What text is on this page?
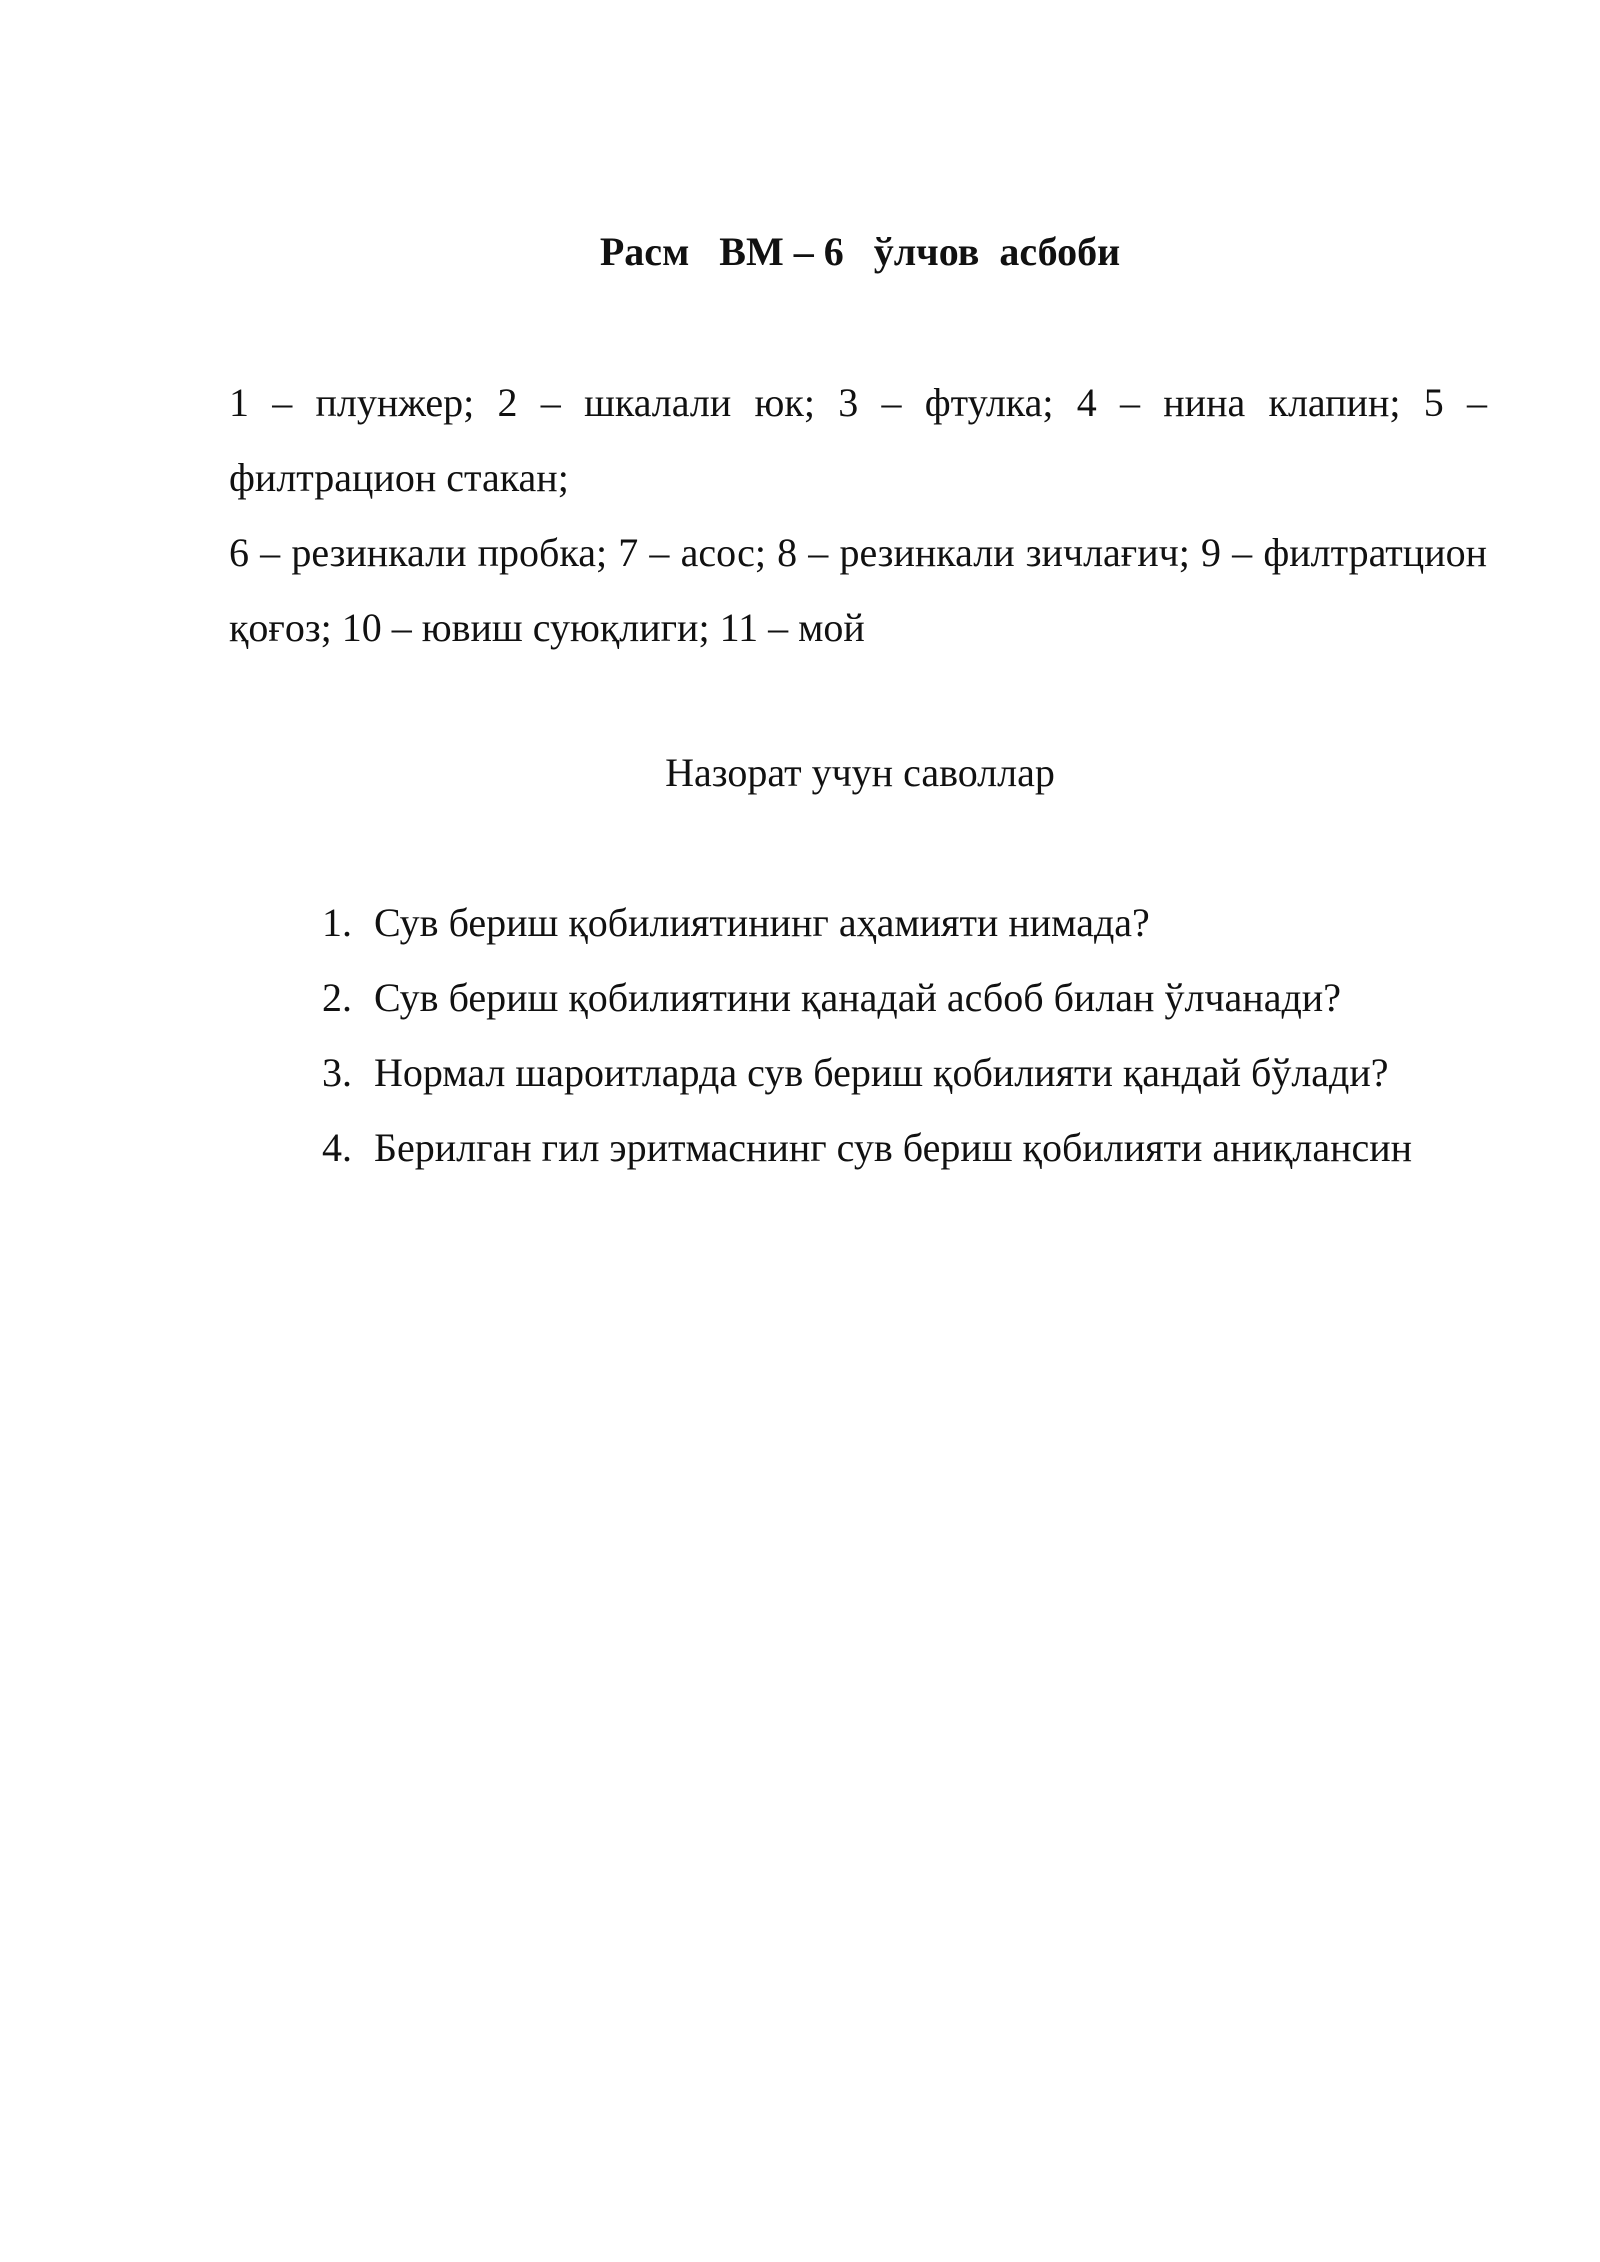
Расм   ВМ – 6   ўлчов  асбоби

1 – плунжер; 2 – шкалали юк; 3 – фтулка; 4 – нина клапин; 5 – филтрацион стакан;

6 – резинкали пробка; 7 – асос; 8 – резинкали зичлағич; 9 – филтратцион қоғоз; 10 – ювиш суюқлиги; 11 – мой

Назорат учун саволлар
1. Сув бериш қобилиятининг аҳамияти нимада?
2. Сув бериш қобилиятини қанадай асбоб билан ўлчанади?
3. Нормал шароитларда сув бериш қобилияти қандай бўлади?
4. Берилган гил эритмаснинг сув бериш қобилияти аниқлансин
